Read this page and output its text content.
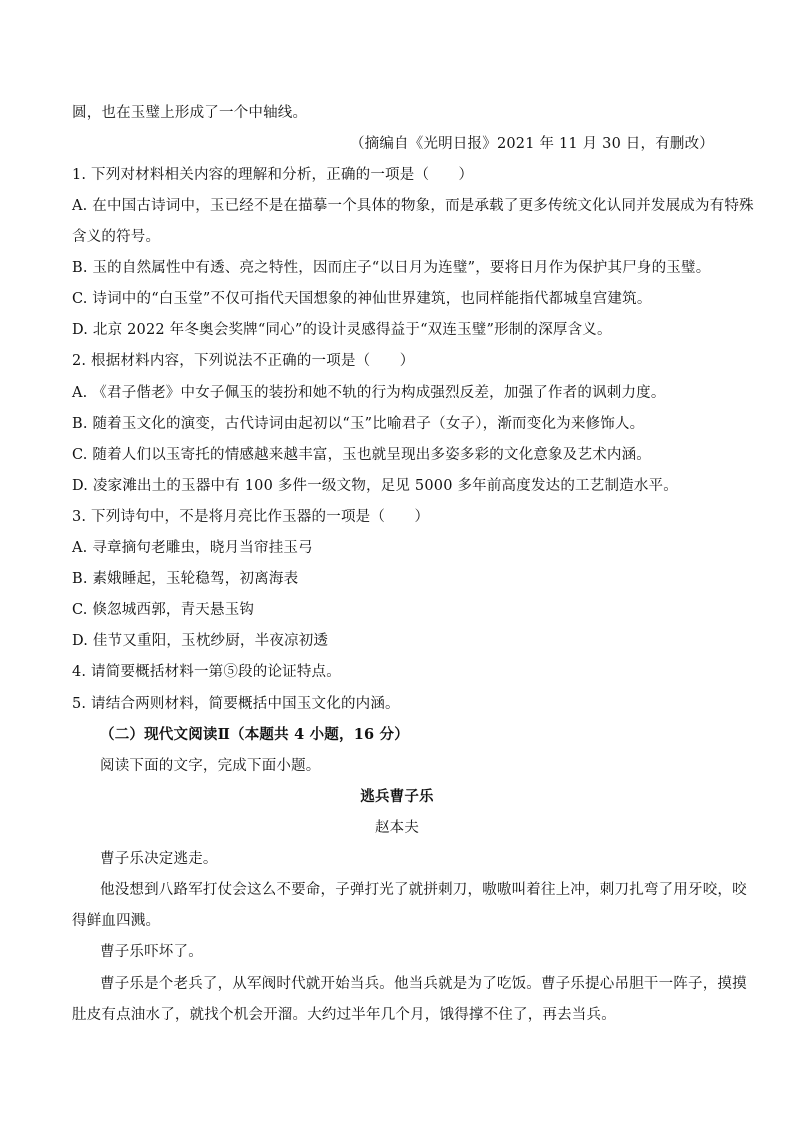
圆，也在玉璧上形成了一个中轴线。
（摘编自《光明日报》2021 年 11 月 30 日，有删改）
1. 下列对材料相关内容的理解和分析，正确的一项是（　　）
A. 在中国古诗词中，玉已经不是在描摹一个具体的物象，而是承载了更多传统文化认同并发展成为有特殊
含义的符号。
B. 玉的自然属性中有透、亮之特性，因而庄子“以日月为连璧”，要将日月作为保护其尸身的玉璧。
C. 诗词中的“白玉堂”不仅可指代天国想象的神仙世界建筑，也同样能指代都城皇宫建筑。
D. 北京 2022 年冬奥会奖牌“同心”的设计灵感得益于“双连玉璧”形制的深厚含义。
2. 根据材料内容，下列说法不正确的一项是（　　）
A. 《君子偕老》中女子佩玉的装扮和她不轨的行为构成强烈反差，加强了作者的讽刺力度。
B. 随着玉文化的演变，古代诗词由起初以“玉”比喻君子（女子），渐而变化为来修饰人。
C. 随着人们以玉寄托的情感越来越丰富，玉也就呈现出多姿多彩的文化意象及艺术内涵。
D. 凌家滩出土的玉器中有 100 多件一级文物，足见 5000 多年前高度发达的工艺制造水平。
3. 下列诗句中，不是将月亮比作玉器的一项是（　　）
A. 寻章摘句老雕虫，晓月当帘挂玉弓
B. 素娥睡起，玉轮稳驾，初离海表
C. 倏忽城西郭，青天悬玉钩
D. 佳节又重阳，玉枕纱厨，半夜凉初透
4. 请简要概括材料一第⑤段的论证特点。
5. 请结合两则材料，简要概括中国玉文化的内涵。
（二）现代文阅读Ⅱ（本题共 4 小题，16 分）
阅读下面的文字，完成下面小题。
逃兵曹子乐
赵本夫
曹子乐决定逃走。
他没想到八路军打仗会这么不要命，子弹打光了就拼刺刀，嗷嗷叫着往上冲，刺刀扎弯了用牙咬，咬
得鲜血四溅。
曹子乐吓坏了。
曹子乐是个老兵了，从军阀时代就开始当兵。他当兵就是为了吃饭。曹子乐提心吊胆干一阵子，摸摸
肚皮有点油水了，就找个机会开溜。大约过半年几个月，饿得撑不住了，再去当兵。
